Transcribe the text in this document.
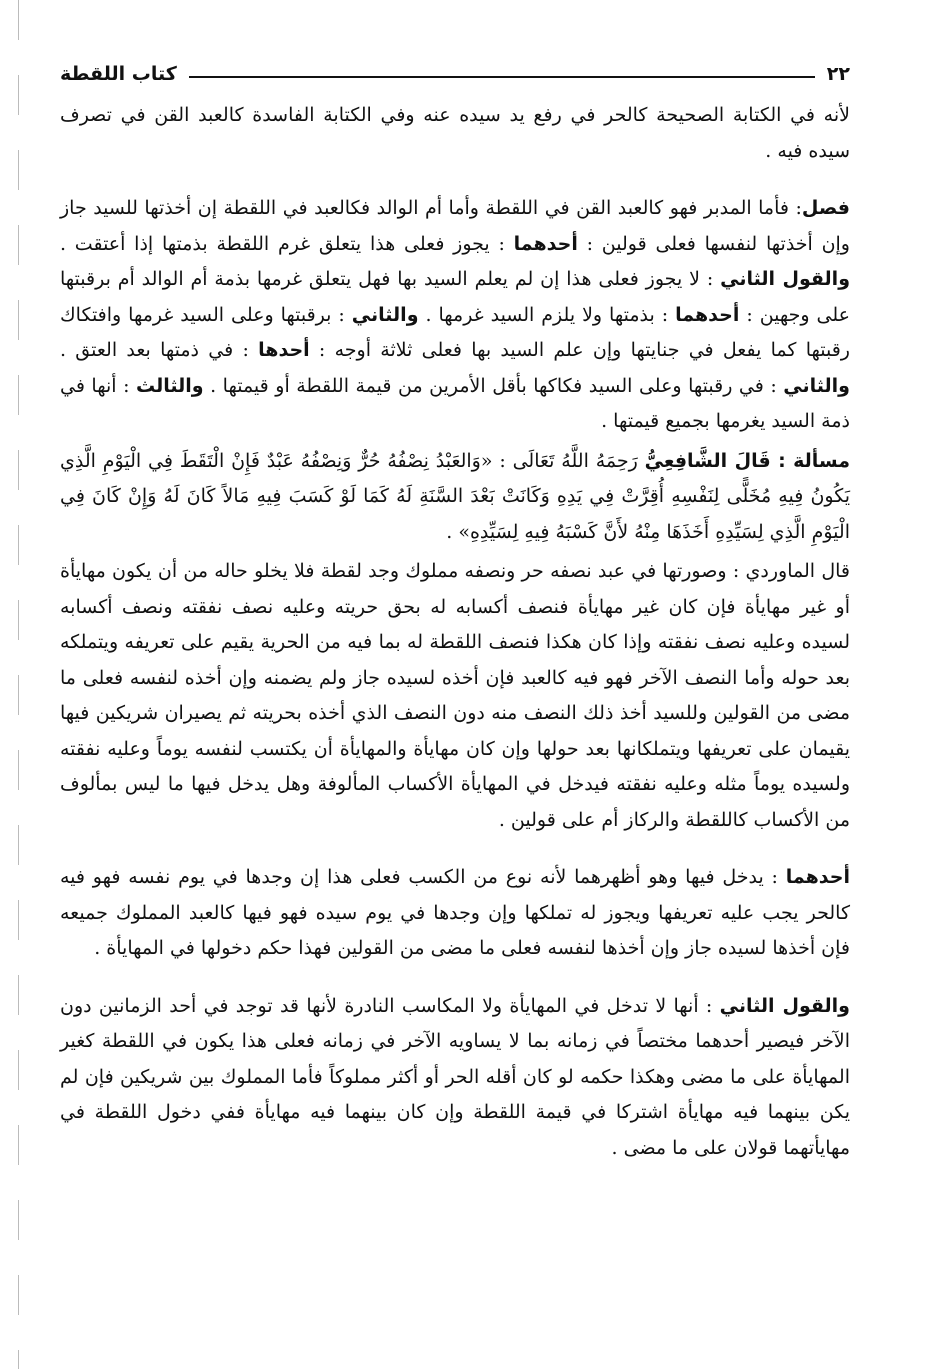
٢٢
كتاب اللقطة

لأنه في الكتابة الصحيحة كالحر في رفع يد سيده عنه وفي الكتابة الفاسدة كالعبد القن في تصرف سيده فيه .

فصل: فأما المدبر فهو كالعبد القن في اللقطة وأما أم الوالد فكالعبد في اللقطة إن أخذتها للسيد جاز وإن أخذتها لنفسها فعلى قولين : أحدهما : يجوز فعلى هذا يتعلق غرم اللقطة بذمتها إذا أعتقت . والقول الثاني : لا يجوز فعلى هذا إن لم يعلم السيد بها فهل يتعلق غرمها بذمة أم الوالد أم برقبتها على وجهين : أحدهما : بذمتها ولا يلزم السيد غرمها . والثاني : برقبتها وعلى السيد غرمها وافتكاك رقبتها كما يفعل في جنايتها وإن علم السيد بها فعلى ثلاثة أوجه : أحدها : في ذمتها بعد العتق . والثاني : في رقبتها وعلى السيد فكاكها بأقل الأمرين من قيمة اللقطة أو قيمتها . والثالث : أنها في ذمة السيد يغرمها بجميع قيمتها .

مسألة : قَالَ الشَّافِعِيُّ رَحِمَهُ اللَّهُ تَعَالَى : «وَالعَبْدُ نِصْفُهُ حُرٌّ وَنِصْفُهُ عَبْدٌ فَإِنْ الْتَقَطَ فِي الْيَوْمِ الَّذِي يَكُونُ فِيهِ مُخَلًّى لِنَفْسِهِ أُقِرَّتْ فِي يَدِهِ وَكَانَتْ بَعْدَ السَّنَةِ لَهُ كَمَا لَوْ كَسَبَ فِيهِ مَالاً كَانَ لَهُ وَإِنْ كَانَ فِي الْيَوْمِ الَّذِي لِسَيِّدِهِ أَخَذَهَا مِنْهُ لأَنَّ كَسْبَهُ فِيهِ لِسَيِّدِهِ» .

قال الماوردي : وصورتها في عبد نصفه حر ونصفه مملوك وجد لقطة فلا يخلو حاله من أن يكون مهايأة أو غير مهايأة فإن كان غير مهايأة فنصف أكسابه له بحق حريته وعليه نصف نفقته ونصف أكسابه لسيده وعليه نصف نفقته وإذا كان هكذا فنصف اللقطة له بما فيه من الحرية يقيم على تعريفه ويتملكه بعد حوله وأما النصف الآخر فهو فيه كالعبد فإن أخذه لسيده جاز ولم يضمنه وإن أخذه لنفسه فعلى ما مضى من القولين وللسيد أخذ ذلك النصف منه دون النصف الذي أخذه بحريته ثم يصيران شريكين فيها يقيمان على تعريفها ويتملكانها بعد حولها وإن كان مهايأة والمهايأة أن يكتسب لنفسه يوماً وعليه نفقته ولسيده يوماً مثله وعليه نفقته فيدخل في المهايأة الأكساب المألوفة وهل يدخل فيها ما ليس بمألوف من الأكساب كاللقطة والركاز أم على قولين .

أحدهما : يدخل فيها وهو أظهرهما لأنه نوع من الكسب فعلى هذا إن وجدها في يوم نفسه فهو فيه كالحر يجب عليه تعريفها ويجوز له تملكها وإن وجدها في يوم سيده فهو فيها كالعبد المملوك جميعه فإن أخذها لسيده جاز وإن أخذها لنفسه فعلى ما مضى من القولين فهذا حكم دخولها في المهايأة .

والقول الثاني : أنها لا تدخل في المهايأة ولا المكاسب النادرة لأنها قد توجد في أحد الزمانين دون الآخر فيصير أحدهما مختصاً في زمانه بما لا يساويه الآخر في زمانه فعلى هذا يكون في اللقطة كغير المهايأة على ما مضى وهكذا حكمه لو كان أقله الحر أو أكثر مملوكاً فأما المملوك بين شريكين فإن لم يكن بينهما فيه مهايأة اشتركا في قيمة اللقطة وإن كان بينهما فيه مهايأة ففي دخول اللقطة في مهايأتهما قولان على ما مضى .
